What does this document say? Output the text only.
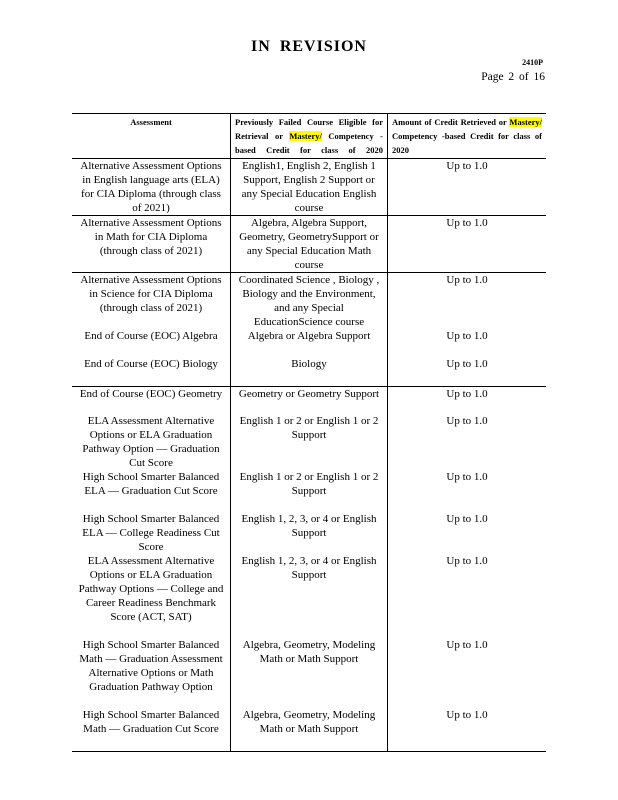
IN REVISION
2410P
Page 2 of 16
Assessment	Previously Failed Course Eligible for Retrieval or Mastery/ Competency -based Credit for class of 2020	Amount of Credit Retrieved or Mastery/ Competency -based Credit for class of 2020
Alternative Assessment Options in English language arts (ELA) for CIA Diploma (through class of 2021)	English1, English 2, English 1 Support, English 2 Support or any Special Education English course	Up to 1.0
Alternative Assessment Options in Math for CIA Diploma (through class of 2021)	Algebra, Algebra Support, Geometry, GeometrySupport or any Special Education Math course	Up to 1.0
Alternative Assessment Options in Science for CIA Diploma (through class of 2021)	Coordinated Science , Biology , Biology and the Environment, and any Special EducationScience course	Up to 1.0
End of Course (EOC) Algebra	Algebra or Algebra Support	Up to 1.0
End of Course (EOC) Biology	Biology	Up to 1.0
End of Course (EOC) Geometry	Geometry or Geometry Support	Up to 1.0
ELA Assessment Alternative Options or ELA Graduation Pathway Option — Graduation Cut Score	English 1 or 2 or English 1 or 2 Support	Up to 1.0
High School Smarter Balanced ELA — Graduation Cut Score	English 1 or 2 or English 1 or 2 Support	Up to 1.0
High School Smarter Balanced ELA — College Readiness Cut Score	English 1, 2, 3, or 4 or English Support	Up to 1.0
ELA Assessment Alternative Options or ELA Graduation Pathway Options — College and Career Readiness Benchmark Score (ACT, SAT)	English 1, 2, 3, or 4 or English Support	Up to 1.0
High School Smarter Balanced Math — Graduation Assessment Alternative Options or Math Graduation Pathway Option	Algebra, Geometry, Modeling Math or Math Support	Up to 1.0
High School Smarter Balanced Math — Graduation Cut Score	Algebra, Geometry, Modeling Math or Math Support	Up to 1.0
